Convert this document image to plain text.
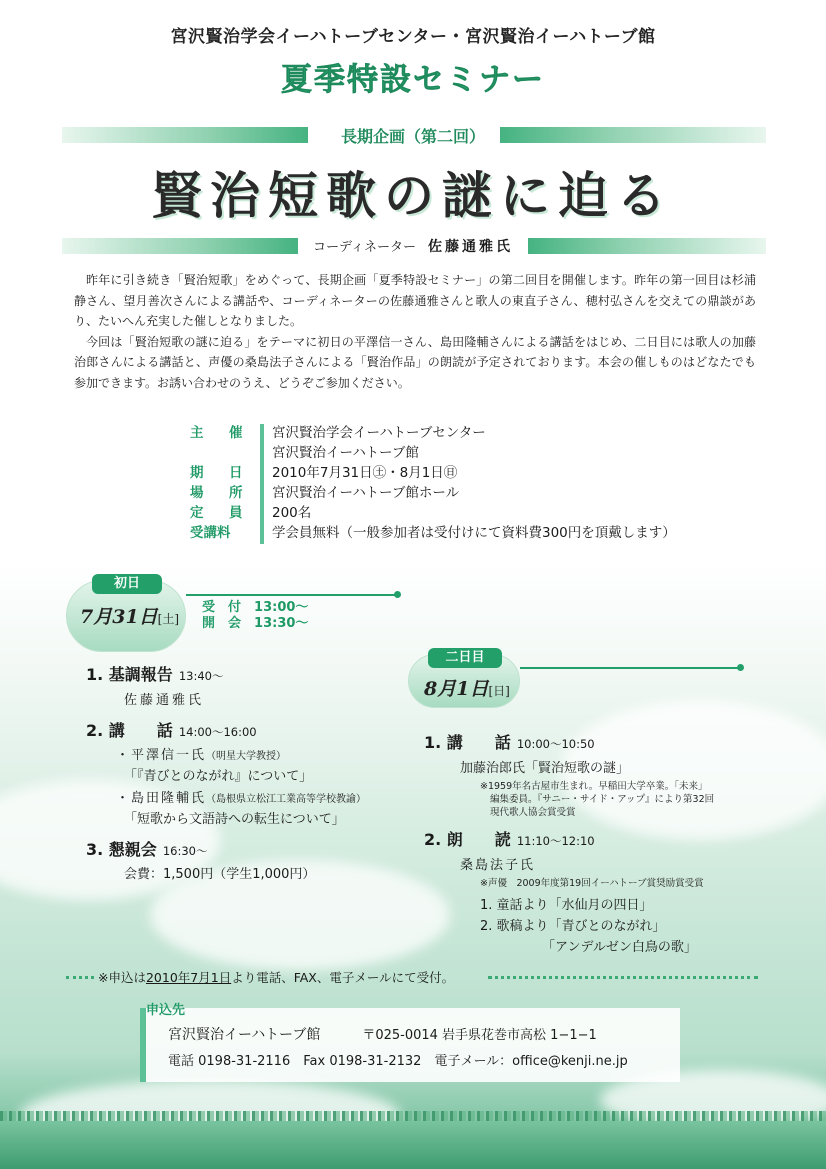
宮沢賢治学会イーハトーブセンター・宮沢賢治イーハトーブ館
夏季特設セミナー
長期企画（第二回）
賢治短歌の謎に迫る
コーディネーター 佐藤通雅氏

昨年に引き続き「賢治短歌」をめぐって、長期企画「夏季特設セミナー」の第二回目を開催します。昨年の第一回目は杉浦静さん、望月善次さんによる講話や、コーディネーターの佐藤通雅さんと歌人の東直子さん、穂村弘さんを交えての鼎談があり、たいへん充実した催しとなりました。

今回は「賢治短歌の謎に迫る」をテーマに初日の平澤信一さん、島田隆輔さんによる講話をはじめ、二日目には歌人の加藤治郎さんによる講話と、声優の桑島法子さんによる「賢治作品」の朗読が予定されております。本会の催しものはどなたでも参加できます。お誘い合わせのうえ、どうぞご参加ください。

主　催		宮沢賢治学会イーハトーブセンター
		宮沢賢治イーハトーブ館
期　日		2010年7月31日㊏・8月1日㊐
場　所		宮沢賢治イーハトーブ館ホール
定　員		200名
受講料		学会員無料（一般参加者は受付けにて資料費300円を頂戴します）
初日
7月31日[土]
受　付　 13:00～
開　会　 13:30～
1. 基調報告 13:40～
佐藤通雅氏
2. 講　　話 14:00～16:00
・平澤信一氏（明星大学教授）
「『青びとのながれ』について」
・島田隆輔氏（島根県立松江工業高等学校教諭）
「短歌から文語詩への転生について」
3. 懇親会 16:30～
会費：1,500円（学生1,000円）
二日目
8月1日[日]
1. 講　　話 10:00～10:50
加藤治郎氏「賢治短歌の謎」
※1959年名古屋市生まれ。早稲田大学卒業。「未来」
編集委員。『サニー・サイド・アップ』により第32回
現代歌人協会賞受賞
2. 朗　　読 11:10～12:10
桑島法子氏
※声優　2009年度第19回イーハトーブ賞奨励賞受賞
1. 童話より「水仙月の四日」
2. 歌稿より「青びとのながれ」
「アンデルゼン白鳥の歌」
※申込は2010年7月1日より電話、FAX、電子メールにて受付。
申込先
宮沢賢治イーハトーブ館　　　	〒025-0014 岩手県花巻市高松 1−1−1
電話 0198-31-2116　 Fax 0198-31-2132　 電子メール：office@kenji.ne.jp
